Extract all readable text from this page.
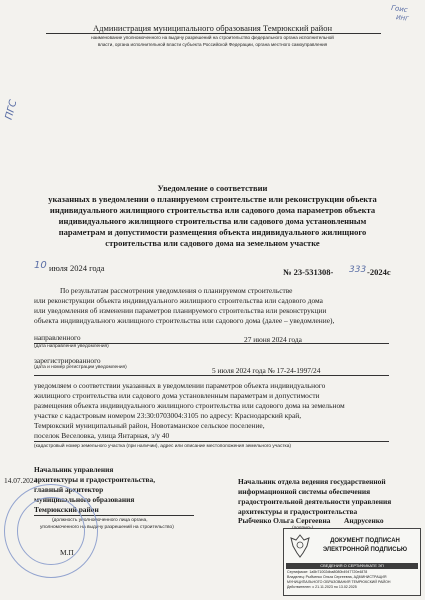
Гоис
ИНГ
ПГС
Администрация муниципального образования Темрюкский район
наименование уполномоченного на выдачу разрешений на строительство федерального органа исполнительной
власти, органа исполнительной власти субъекта Российской Федерации, органа местного самоуправления
Уведомление о соответствии
указанных в уведомлении о планируемом строительстве или реконструкции объекта
индивидуального жилищного строительства или садового дома параметров объекта
индивидуального жилищного строительства или садового дома установленным
параметрам и допустимости размещения объекта индивидуального жилищного
строительства или садового дома на земельном участке
10 июля 2024 года	№ 23-531308- 333 -2024с
По результатам рассмотрения уведомления о планируемом строительстве
или реконструкции объекта индивидуального жилищного строительства или садового дома
или уведомления об изменении параметров планируемого строительства или реконструкции
объекта индивидуального жилищного строительства или садового дома (далее – уведомление),
направленного	27 июня 2024 года
(дата направления уведомления)
зарегистрированного
5 июля 2024 года № 17-24-1997/24
(дата и номер регистрации уведомления)
уведомляем о соответствии указанных в уведомлении параметров объекта индивидуального
жилищного строительства или садового дома установленным параметрам и допустимости
размещения объекта индивидуального жилищного строительства или садового дома на земельном
участке с кадастровым номером 23:30:0703004:3105 по адресу: Краснодарский край,
Темрюкский муниципальный район, Новотаманское сельское поселение,
поселок Веселовка, улица Янтарная, з/у 40
(кадастровый номер земельного участка (при наличии), адрес или описание местоположения земельного участка)
Начальник управления
архитектуры и градостроительства,
главный архитектор
муниципального образования
Темрюкский район
14.07.2024
(должность уполномоченного лица органа,
уполномоченного на выдачу разрешений на строительство)
М.П.
Начальник отдела ведения государственной
информационной системы обеспечения
градостроительной деятельности управления
архитектуры и градостроительства
Рыбченко Ольга Сергеевна Андрусенко
ДОКУМЕНТ ПОДПИСАН
ЭЛЕКТРОННОЙ ПОДПИСЬЮ
СВЕДЕНИЯ О СЕРТИФИКАТЕ ЭП
Сертификат: 1a5b71002dba8080b4947720e4878
Владелец: Рыбченко Ольга Сергеевна, АДМИНИСТРАЦИЯ
МУНИЦИПАЛЬНОГО ОБРАЗОВАНИЯ ТЕМРЮКСКИЙ РАЙОН
Действителен: с 21.11.2023 по 13.02.2025
